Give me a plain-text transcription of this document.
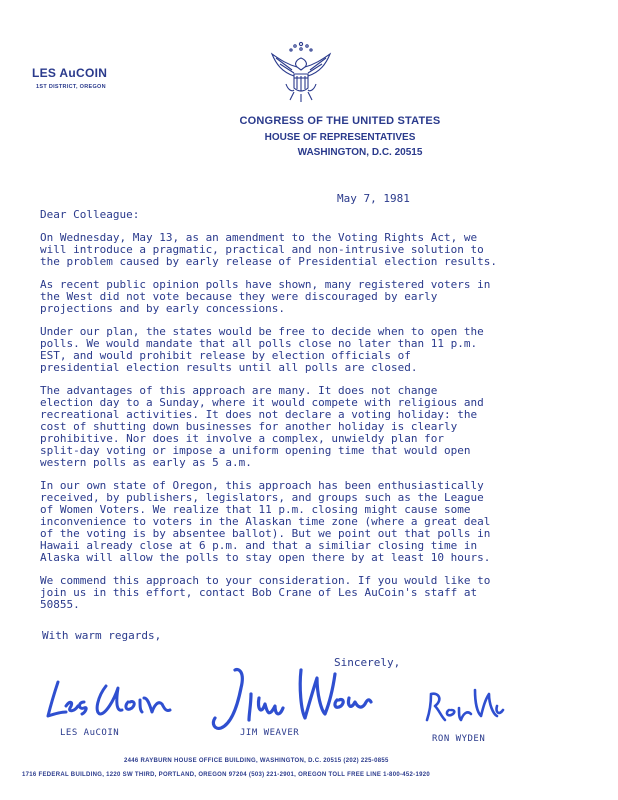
LES AuCOIN
1ST DISTRICT, OREGON
CONGRESS OF THE UNITED STATES
HOUSE OF REPRESENTATIVES
WASHINGTON, D.C. 20515
May 7, 1981
Dear Colleague:

On Wednesday, May 13, as an amendment to the Voting Rights Act, we
will introduce a pragmatic, practical and non-intrusive solution to
the problem caused by early release of Presidential election results.

As recent public opinion polls have shown, many registered voters in
the West did not vote because they were discouraged by early
projections and by early concessions.

Under our plan, the states would be free to decide when to open the
polls. We would mandate that all polls close no later than 11 p.m.
EST, and would prohibit release by election officials of
presidential election results until all polls are closed.

The advantages of this approach are many. It does not change
election day to a Sunday, where it would compete with religious and
recreational activities. It does not declare a voting holiday: the
cost of shutting down businesses for another holiday is clearly
prohibitive. Nor does it involve a complex, unwieldy plan for
split-day voting or impose a uniform opening time that would open
western polls as early as 5 a.m.

In our own state of Oregon, this approach has been enthusiastically
received, by publishers, legislators, and groups such as the League
of Women Voters. We realize that 11 p.m. closing might cause some
inconvenience to voters in the Alaskan time zone (where a great deal
of the voting is by absentee ballot). But we point out that polls in
Hawaii already close at 6 p.m. and that a similiar closing time in
Alaska will allow the polls to stay open there by at least 10 hours.

We commend this approach to your consideration. If you would like to
join us in this effort, contact Bob Crane of Les AuCoin's staff at
50855.

With warm regards,
Sincerely,
LES AuCOIN	JIM WEAVER
RON WYDEN
2446 RAYBURN HOUSE OFFICE BUILDING, WASHINGTON, D.C. 20515 (202) 225-0855
1716 FEDERAL BUILDING, 1220 SW THIRD, PORTLAND, OREGON 97204 (503) 221-2901, OREGON TOLL FREE LINE 1-800-452-1920
